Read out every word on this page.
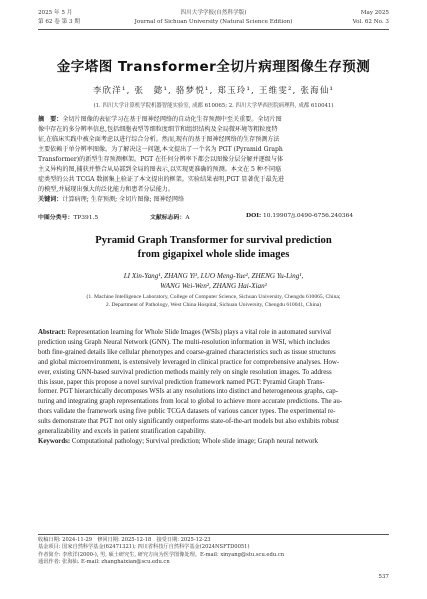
2025 年 5 月
第 62 卷 第 3 期
四川大学学报(自然科学版)
Journal of Sichuan University (Natural Science Edition)
May 2025
Vol. 62 No. 3
金字塔图 Transformer全切片病理图像生存预测
李欣洋¹, 张　懿¹, 骆梦悦¹, 郑玉玲¹, 王维雯², 张海仙¹
(1. 四川大学计算机学院机器智能实验室, 成都 610065; 2. 四川大学华西医院病理科, 成都 610041)
摘　要：全切片图像的表征学习在基于图神经网络的自动化生存预测中至关重要。全切片图
像中存在的多分辨率信息,包括细胞表型等细粒度细节和组织结构及全局微环境等粗粒度特
征,在临床实践中被全面考虑以进行综合分析。然而,现有的基于图神经网络的生存预测方法
主要依赖于单分辨率图像。为了解决这一问题,本文提出了一个名为 PGT (Pyramid Graph
Transformer)的新型生存预测框架。PGT 在任何分辨率下都会以图像分层分解并逐级与体
主义异构的图,捕获并整合从局部到全局的图表示,以实现更准确的预测。本文在 5 种不同癌
症类型的公共 TCGA 数据集上验证了本文提出的框架。实验结果表明,PGT 显著优于最先进
的模型,并展现出强大的泛化能力和患者分层能力。
关键词：计算病理; 生存预测; 全切片图像; 图神经网络
中图分类号：TP391.5	文献标志码：A	DOI: 10.19907/j.0490-6756.240364
Pyramid Graph Transformer for survival prediction
from gigapixel whole slide images
LI Xin-Yang¹, ZHANG Yi¹, LUO Meng-Yue¹, ZHENG Yu-Ling¹,
WANG Wei-Wen², ZHANG Hai-Xian¹
(1. Machine Intelligence Laboratory, College of Computer Science, Sichuan University, Chengdu 610065, China;
2. Department of Pathology, West China Hospital, Sichuan University, Chengdu 610041, China)
Abstract: Representation learning for Whole Slide Images (WSIs) plays a vital role in automated survival
prediction using Graph Neural Network (GNN). The multi-resolution information in WSI, which includes
both fine-grained details like cellular phenotypes and coarse-grained characteristics such as tissue structures
and global microenvironment, is extensively leveraged in clinical practice for comprehensive analyses. How-
ever, existing GNN-based survival prediction methods mainly rely on single resolution images. To address
this issue, paper this propose a novel survival prediction framework named PGT: Pyramid Graph Trans-
former. PGT hierarchically decomposes WSIs at any resolutions into distinct and heterogeneous graphs, cap-
turing and integrating graph representations from local to global to achieve more accurate predictions. The au-
thors validate the framework using five public TCGA datasets of various cancer types. The experimental re-
sults demonstrate that PGT not only significantly outperforms state-of-the-art models but also exhibits robust
generalizability and excels in patient stratification capability.
Keywords: Computational pathology; Survival prediction; Whole slide image; Graph neural network
收稿日期: 2024-11-29　修回日期: 2025-12-18　接受日期: 2025-12-23
基金项目: 国家自然科学基金(62471321); 四川省科技厅自然科学基金(2024NSFTD0051)
作者简介: 李欣洋(2000-), 男, 硕士研究生, 研究方向为医学图像处理。E-mail: xinyang@stu.scu.edu.cn
通讯作者: 张海仙. E-mail: zhanghaixian@scu.edu.cn
537
